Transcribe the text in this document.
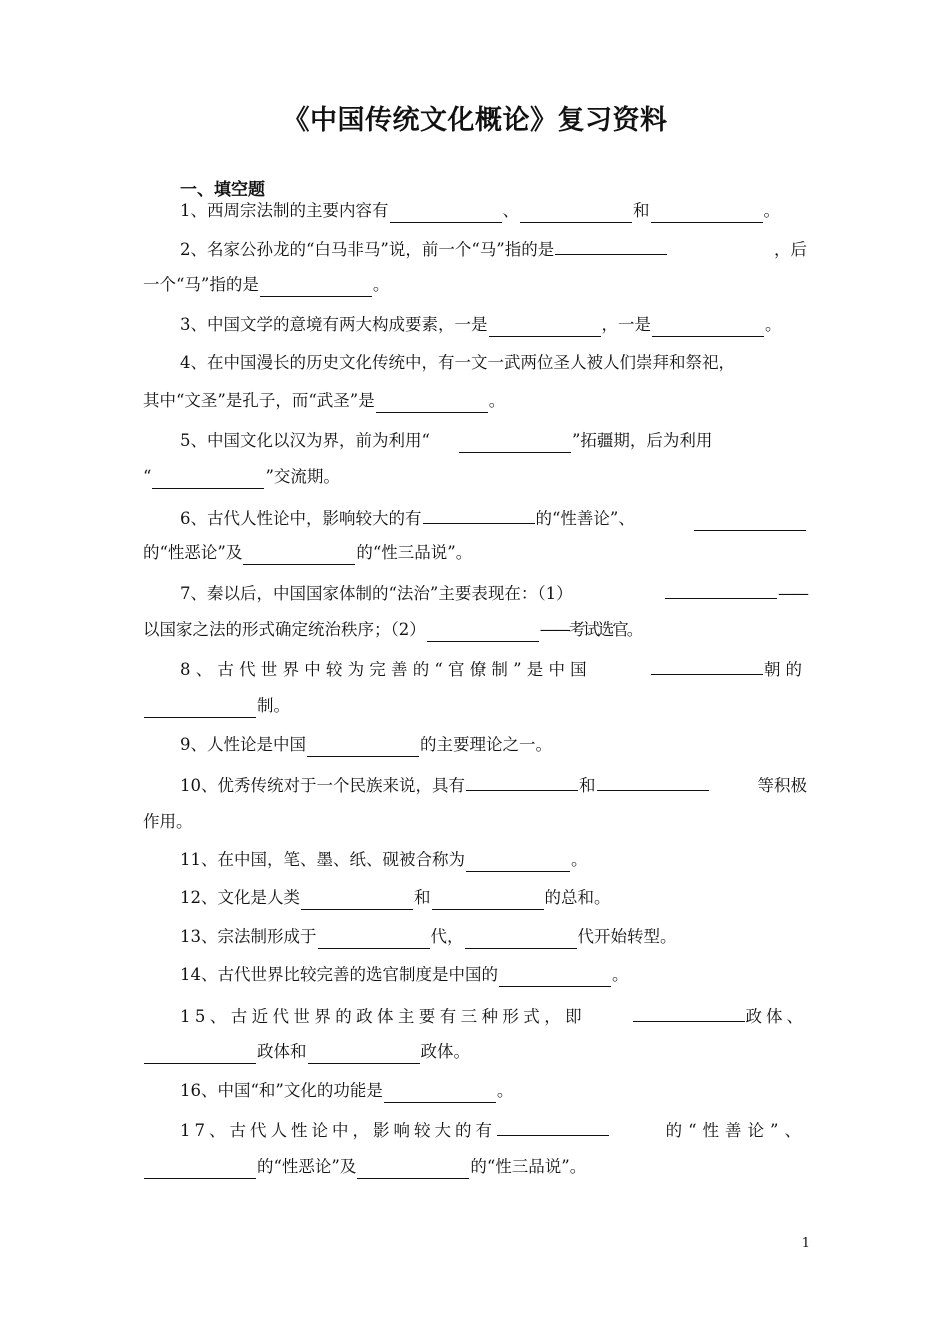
《中国传统文化概论》复习资料
一、填空题
1、西周宗法制的主要内容有	、	和	。
2、名家公孙龙的“白马非马”说，前一个“马”指的是	，后
一个“马”指的是	。
3、中国文学的意境有两大构成要素，一是	，一是	。
4、在中国漫长的历史文化传统中，有一文一武两位圣人被人们崇拜和祭祀，
其中“文圣”是孔子，而“武圣”是	。
5、中国文化以汉为界，前为利用“	”拓疆期，后为利用
“	”交流期。
6、古代人性论中，影响较大的有	的“性善论”、
的“性恶论”及	的“性三品说”。
7、秦以后，中国国家体制的“法治”主要表现在：（1）	——
以国家之法的形式确定统治秩序；（2）	——考试选官。
8、古代世界中较为完善的“官僚制”是中国	朝的
制。
9、人性论是中国	的主要理论之一。
10、优秀传统对于一个民族来说，具有	和	等积极
作用。
11、在中国，笔、墨、纸、砚被合称为	。
12、文化是人类	和	的总和。
13、宗法制形成于	代，	代开始转型。
14、古代世界比较完善的选官制度是中国的	。
15、古近代世界的政体主要有三种形式，即	政体、
政体和	政体。
16、中国“和”文化的功能是	。
17、古代人性论中，影响较大的有	的“性善论”、
的“性恶论”及	的“性三品说”。
1
